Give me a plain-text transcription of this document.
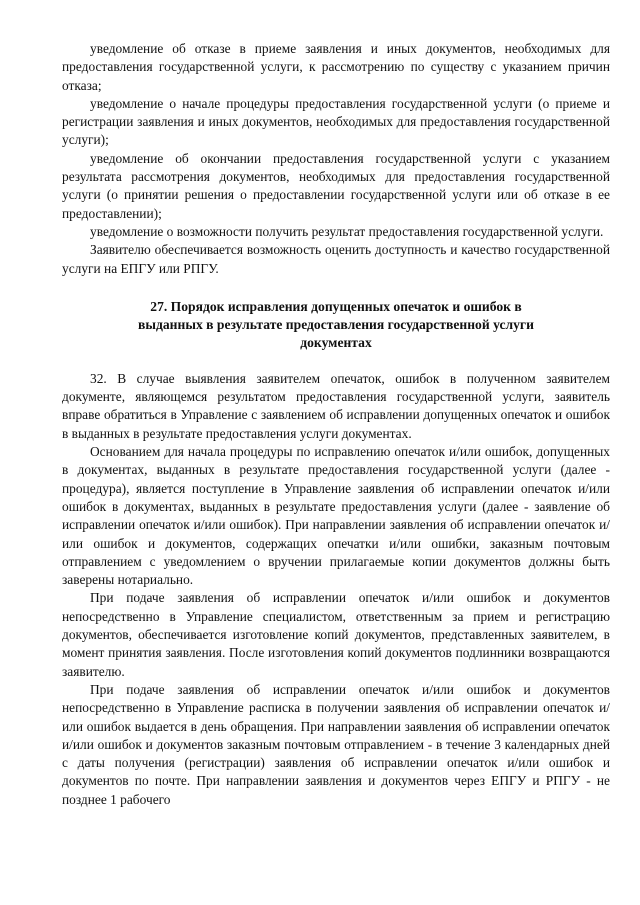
уведомление об отказе в приеме заявления и иных документов, необходимых для предоставления государственной услуги, к рассмотрению по существу с указанием причин отказа;

уведомление о начале процедуры предоставления государственной услуги (о приеме и регистрации заявления и иных документов, необходимых для предоставления государственной услуги);

уведомление об окончании предоставления государственной услуги с указанием результата рассмотрения документов, необходимых для предоставления государственной услуги (о принятии решения о предоставлении государственной услуги или об отказе в ее предоставлении);

уведомление о возможности получить результат предоставления государственной услуги.

Заявителю обеспечивается возможность оценить доступность и качество государственной услуги на ЕПГУ или РПГУ.

27. Порядок исправления допущенных опечаток и ошибок в выданных в результате предоставления государственной услуги документах

32. В случае выявления заявителем опечаток, ошибок в полученном заявителем документе, являющемся результатом предоставления государственной услуги, заявитель вправе обратиться в Управление с заявлением об исправлении допущенных опечаток и ошибок в выданных в результате предоставления услуги документах.

Основанием для начала процедуры по исправлению опечаток и/или ошибок, допущенных в документах, выданных в результате предоставления государственной услуги (далее - процедура), является поступление в Управление заявления об исправлении опечаток и/или ошибок в документах, выданных в результате предоставления услуги (далее - заявление об исправлении опечаток и/или ошибок). При направлении заявления об исправлении опечаток и/или ошибок и документов, содержащих опечатки и/или ошибки, заказным почтовым отправлением с уведомлением о вручении прилагаемые копии документов должны быть заверены нотариально.

При подаче заявления об исправлении опечаток и/или ошибок и документов непосредственно в Управление специалистом, ответственным за прием и регистрацию документов, обеспечивается изготовление копий документов, представленных заявителем, в момент принятия заявления. После изготовления копий документов подлинники возвращаются заявителю.

При подаче заявления об исправлении опечаток и/или ошибок и документов непосредственно в Управление расписка в получении заявления об исправлении опечаток и/или ошибок выдается в день обращения. При направлении заявления об исправлении опечаток и/или ошибок и документов заказным почтовым отправлением - в течение 3 календарных дней с даты получения (регистрации) заявления об исправлении опечаток и/или ошибок и документов по почте. При направлении заявления и документов через ЕПГУ и РПГУ - не позднее 1 рабочего
